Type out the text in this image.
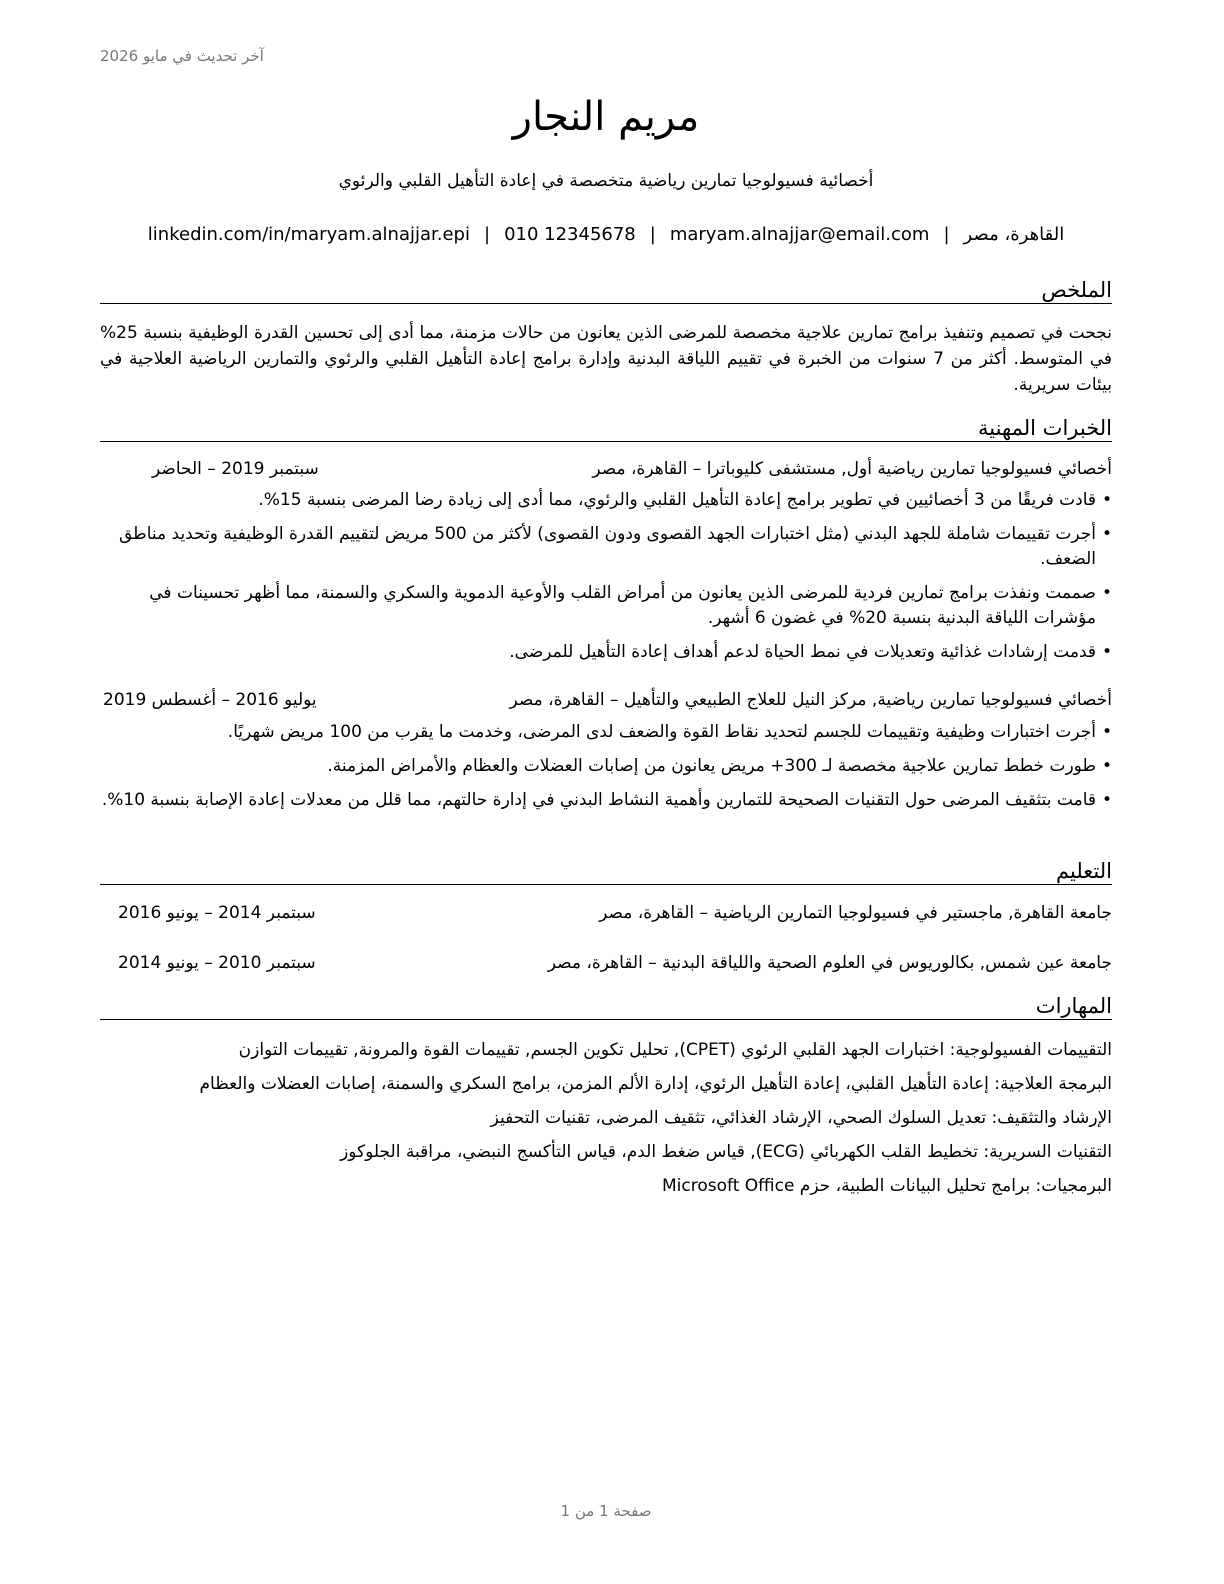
آخر تحديث في مايو 2026
مريم النجار
أخصائية فسيولوجيا تمارين رياضية متخصصة في إعادة التأهيل القلبي والرئوي
القاهرة، مصر|maryam.alnajjar@email.com|010 12345678|linkedin.com/in/maryam.alnajjar.epi
الملخص
نجحت في تصميم وتنفيذ برامج تمارين علاجية مخصصة للمرضى الذين يعانون من حالات مزمنة، مما أدى إلى تحسين القدرة الوظيفية بنسبة 25% في المتوسط. أكثر من 7 سنوات من الخبرة في تقييم اللياقة البدنية وإدارة برامج إعادة التأهيل القلبي والرئوي والتمارين الرياضية العلاجية في بيئات سريرية.
الخبرات المهنية
أخصائي فسيولوجيا تمارين رياضية أول, مستشفى كليوباترا – القاهرة، مصر
سبتمبر 2019 – الحاضر
• قادت فريقًا من 3 أخصائيين في تطوير برامج إعادة التأهيل القلبي والرئوي، مما أدى إلى زيادة رضا المرضى بنسبة 15%.
• أجرت تقييمات شاملة للجهد البدني (مثل اختبارات الجهد القصوى ودون القصوى) لأكثر من 500 مريض لتقييم القدرة الوظيفية وتحديد مناطق الضعف.
• صممت ونفذت برامج تمارين فردية للمرضى الذين يعانون من أمراض القلب والأوعية الدموية والسكري والسمنة، مما أظهر تحسينات في مؤشرات اللياقة البدنية بنسبة 20% في غضون 6 أشهر.
• قدمت إرشادات غذائية وتعديلات في نمط الحياة لدعم أهداف إعادة التأهيل للمرضى.
أخصائي فسيولوجيا تمارين رياضية, مركز النيل للعلاج الطبيعي والتأهيل – القاهرة، مصر
يوليو 2016 – أغسطس 2019
• أجرت اختبارات وظيفية وتقييمات للجسم لتحديد نقاط القوة والضعف لدى المرضى، وخدمت ما يقرب من 100 مريض شهريًا.
• طورت خطط تمارين علاجية مخصصة لـ 300+ مريض يعانون من إصابات العضلات والعظام والأمراض المزمنة.
• قامت بتثقيف المرضى حول التقنيات الصحيحة للتمارين وأهمية النشاط البدني في إدارة حالتهم، مما قلل من معدلات إعادة الإصابة بنسبة 10%.
التعليم
جامعة القاهرة, ماجستير في فسيولوجيا التمارين الرياضية – القاهرة، مصر
سبتمبر 2014 – يونيو 2016
جامعة عين شمس, بكالوريوس في العلوم الصحية واللياقة البدنية – القاهرة، مصر
سبتمبر 2010 – يونيو 2014
المهارات
التقييمات الفسيولوجية: اختبارات الجهد القلبي الرئوي (CPET), تحليل تكوين الجسم, تقييمات القوة والمرونة, تقييمات التوازن
البرمجة العلاجية: إعادة التأهيل القلبي، إعادة التأهيل الرئوي، إدارة الألم المزمن، برامج السكري والسمنة، إصابات العضلات والعظام
الإرشاد والتثقيف: تعديل السلوك الصحي، الإرشاد الغذائي، تثقيف المرضى، تقنيات التحفيز
التقنيات السريرية: تخطيط القلب الكهربائي (ECG), قياس ضغط الدم، قياس التأكسج النبضي، مراقبة الجلوكوز
البرمجيات: برامج تحليل البيانات الطبية، حزم Microsoft Office
صفحة 1 من 1
